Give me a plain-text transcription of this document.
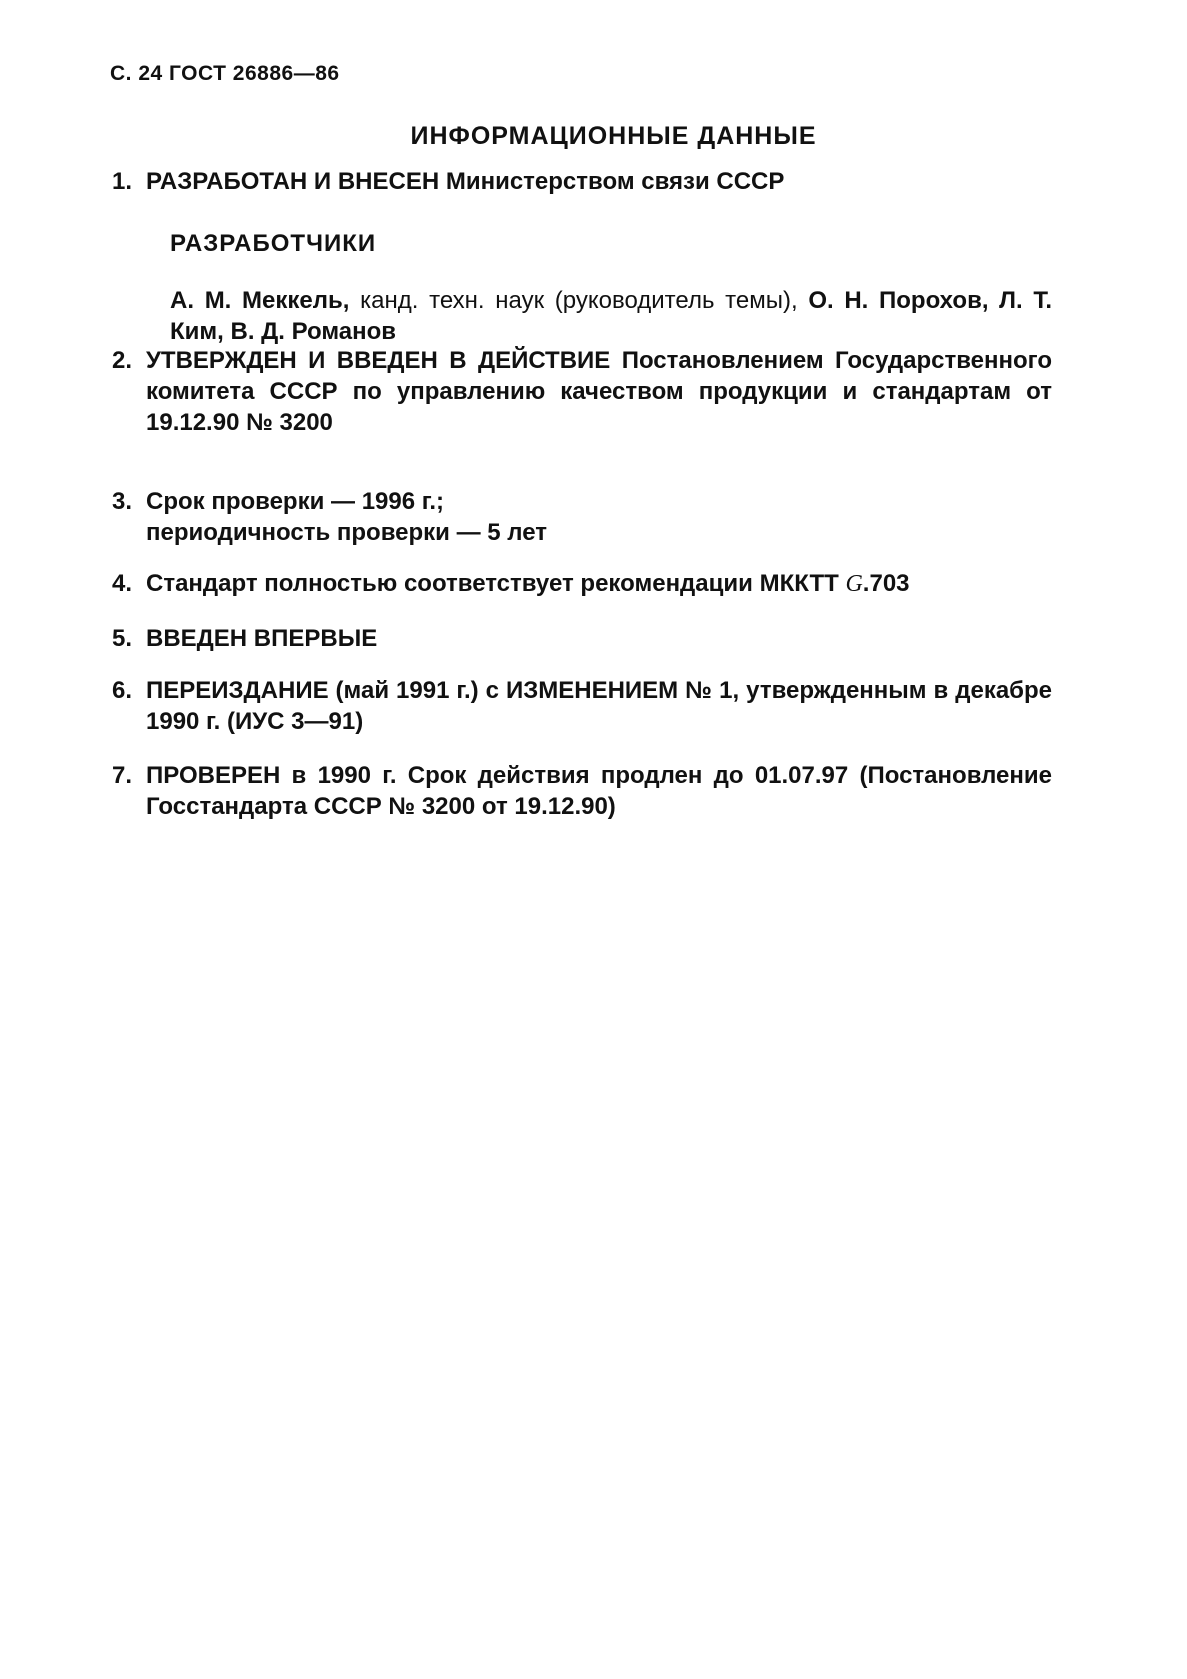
С. 24 ГОСТ 26886—86
ИНФОРМАЦИОННЫЕ ДАННЫЕ
1. РАЗРАБОТАН И ВНЕСЕН Министерством связи СССР
РАЗРАБОТЧИКИ
А. М. Меккель, канд. техн. наук (руководитель темы), О. Н. Порохов, Л. Т. Ким, В. Д. Романов
2. УТВЕРЖДЕН И ВВЕДЕН В ДЕЙСТВИЕ Постановлением Государственного комитета СССР по управлению качеством продукции и стандартам от 19.12.90 № 3200
3. Срок проверки — 1996 г.;
периодичность проверки — 5 лет
4. Стандарт полностью соответствует рекомендации МККТТ G.703
5. ВВЕДЕН ВПЕРВЫЕ
6. ПЕРЕИЗДАНИЕ (май 1991 г.) с ИЗМЕНЕНИЕМ № 1, утвержденным в декабре 1990 г. (ИУС 3—91)
7. ПРОВЕРЕН в 1990 г. Срок действия продлен до 01.07.97 (Постановление Госстандарта СССР № 3200 от 19.12.90)
